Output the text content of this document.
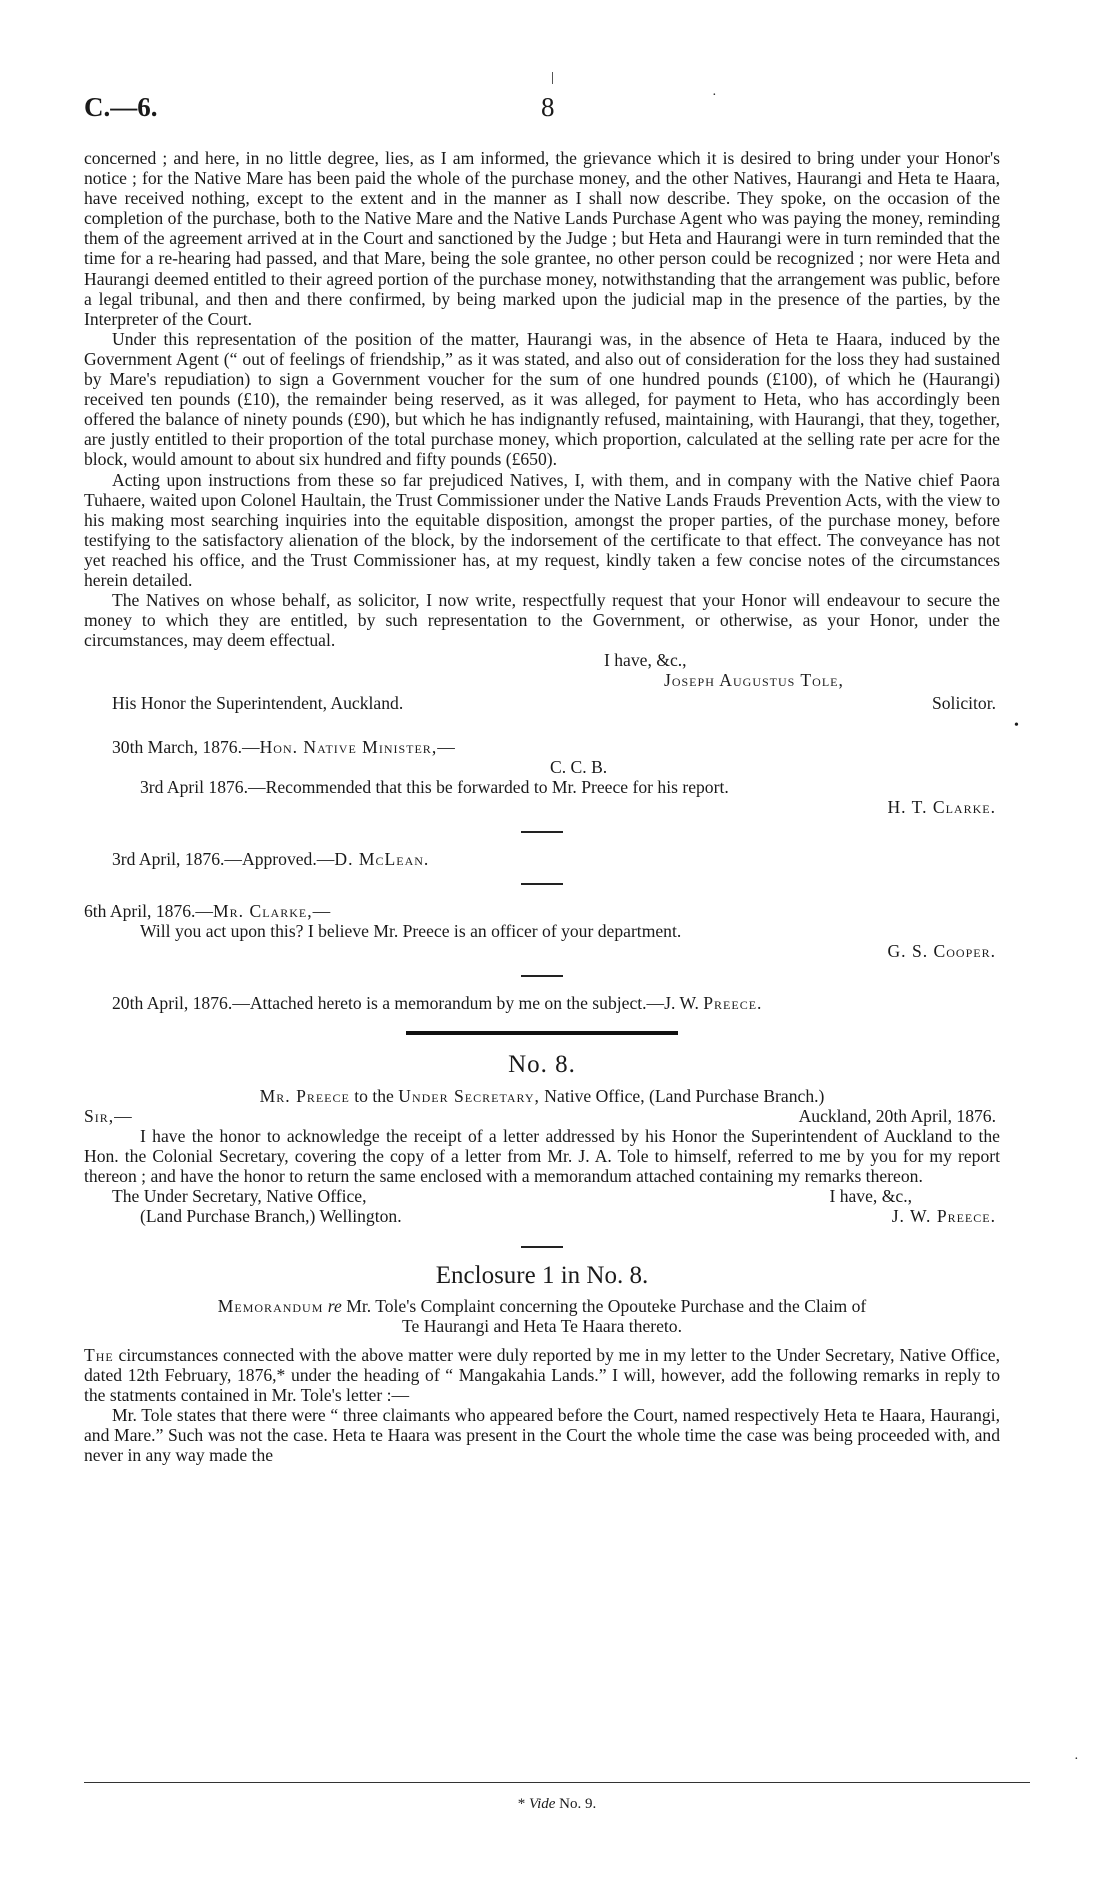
C.—6.	8	·

concerned ; and here, in no little degree, lies, as I am informed, the grievance which it is desired to bring under your Honor's notice ; for the Native Mare has been paid the whole of the purchase money, and the other Natives, Haurangi and Heta te Haara, have received nothing, except to the extent and in the manner as I shall now describe. They spoke, on the occasion of the completion of the purchase, both to the Native Mare and the Native Lands Purchase Agent who was paying the money, reminding them of the agreement arrived at in the Court and sanctioned by the Judge ; but Heta and Haurangi were in turn reminded that the time for a re-hearing had passed, and that Mare, being the sole grantee, no other person could be recognized ; nor were Heta and Haurangi deemed entitled to their agreed portion of the purchase money, notwithstanding that the arrangement was public, before a legal tribunal, and then and there confirmed, by being marked upon the judicial map in the presence of the parties, by the Interpreter of the Court.

Under this representation of the position of the matter, Haurangi was, in the absence of Heta te Haara, induced by the Government Agent (“ out of feelings of friendship,” as it was stated, and also out of consideration for the loss they had sustained by Mare's repudiation) to sign a Government voucher for the sum of one hundred pounds (£100), of which he (Haurangi) received ten pounds (£10), the remainder being reserved, as it was alleged, for payment to Heta, who has accordingly been offered the balance of ninety pounds (£90), but which he has indignantly refused, maintaining, with Haurangi, that they, together, are justly entitled to their proportion of the total purchase money, which proportion, calculated at the selling rate per acre for the block, would amount to about six hundred and fifty pounds (£650).

Acting upon instructions from these so far prejudiced Natives, I, with them, and in company with the Native chief Paora Tuhaere, waited upon Colonel Haultain, the Trust Commissioner under the Native Lands Frauds Prevention Acts, with the view to his making most searching inquiries into the equitable disposition, amongst the proper parties, of the purchase money, before testifying to the satisfactory alienation of the block, by the indorsement of the certificate to that effect. The conveyance has not yet reached his office, and the Trust Commissioner has, at my request, kindly taken a few concise notes of the circumstances herein detailed.

The Natives on whose behalf, as solicitor, I now write, respectfully request that your Honor will endeavour to secure the money to which they are entitled, by such representation to the Government, or otherwise, as your Honor, under the circumstances, may deem effectual.

I have, &c.,
Joseph Augustus Tole,
His Honor the Superintendent, Auckland.	Solicitor.
30th March, 1876.—Hon. Native Minister,—
C. C. B.
3rd April 1876.—Recommended that this be forwarded to Mr. Preece for his report.
H. T. Clarke.
3rd April, 1876.—Approved.—D. McLean.
6th April, 1876.—Mr. Clarke,—
Will you act upon this? I believe Mr. Preece is an officer of your department.
G. S. Cooper.
20th April, 1876.—Attached hereto is a memorandum by me on the subject.—J. W. Preece.
No. 8.
Mr. Preece to the Under Secretary, Native Office, (Land Purchase Branch.)
Sir,—	Auckland, 20th April, 1876.

I have the honor to acknowledge the receipt of a letter addressed by his Honor the Superintendent of Auckland to the Hon. the Colonial Secretary, covering the copy of a letter from Mr. J. A. Tole to himself, referred to me by you for my report thereon ; and have the honor to return the same enclosed with a memorandum attached containing my remarks thereon.

The Under Secretary, Native Office,	I have, &c.,
(Land Purchase Branch,) Wellington.	J. W. Preece.
Enclosure 1 in No. 8.
Memorandum re Mr. Tole's Complaint concerning the Opouteke Purchase and the Claim of
Te Haurangi and Heta Te Haara thereto.

The circumstances connected with the above matter were duly reported by me in my letter to the Under Secretary, Native Office, dated 12th February, 1876,* under the heading of “ Mangakahia Lands.” I will, however, add the following remarks in reply to the statments contained in Mr. Tole's letter :—

Mr. Tole states that there were “ three claimants who appeared before the Court, named respectively Heta te Haara, Haurangi, and Mare.” Such was not the case. Heta te Haara was present in the Court the whole time the case was being proceeded with, and never in any way made the

•
·
* Vide No. 9.
